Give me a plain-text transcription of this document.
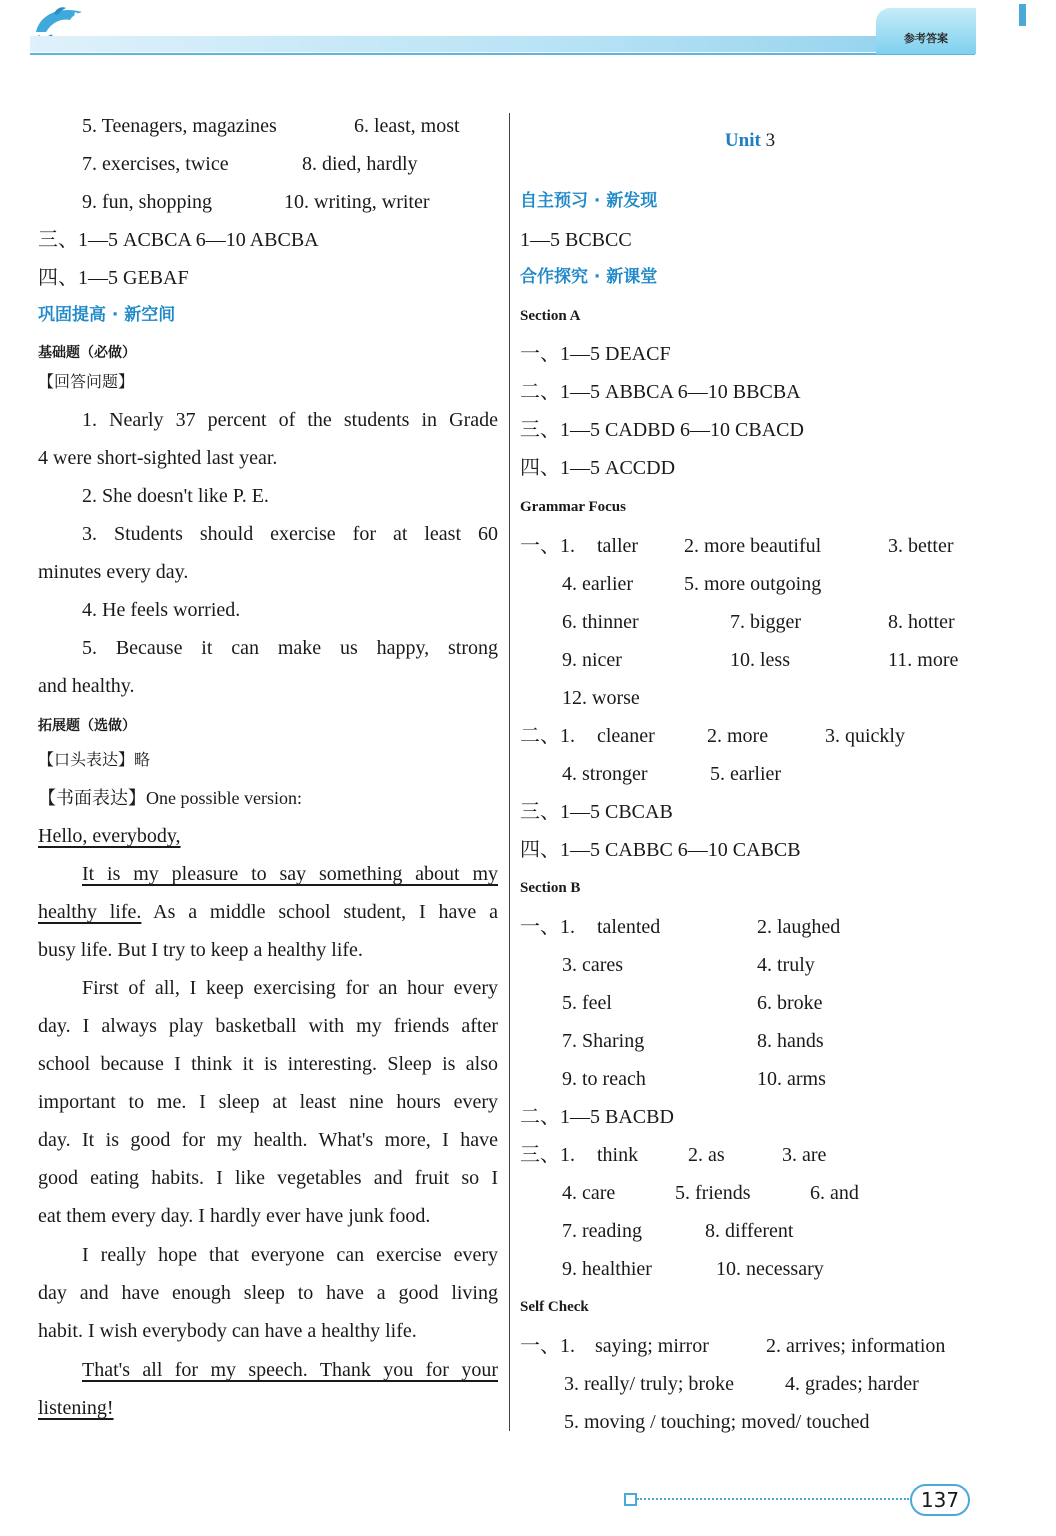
参考答案
5. Teenagers, magazines	6. least, most
7. exercises, twice	8. died, hardly
9. fun, shopping	10. writing, writer
三、1—5 ACBCA 6—10 ABCBA
四、1—5 GEBAF
巩固提高 · 新空间
基础题（必做）
【回答问题】
1. Nearly 37 percent of the students in Grade
4 were short-sighted last year.
2. She doesn't like P. E.
3. Students should exercise for at least 60
minutes every day.
4. He feels worried.
5. Because it can make us happy, strong
and healthy.
拓展题（选做）
【口头表达】略
【书面表达】One possible version:
Hello, everybody,
It is my pleasure to say something about my
healthy life. As a middle school student, I have a
busy life. But I try to keep a healthy life.
First of all, I keep exercising for an hour every
day. I always play basketball with my friends after
school because I think it is interesting. Sleep is also
important to me. I sleep at least nine hours every
day. It is good for my health. What's more, I have
good eating habits. I like vegetables and fruit so I
eat them every day. I hardly ever have junk food.
I really hope that everyone can exercise every
day and have enough sleep to have a good living
habit. I wish everybody can have a healthy life.
That's all for my speech. Thank you for your
listening!
Unit 3
自主预习 · 新发现
1—5 BCBCC
合作探究 · 新课堂
Section A
一、1—5 DEACF
二、1—5 ABBCA 6—10 BBCBA
三、1—5 CADBD 6—10 CBACD
四、1—5 ACCDD
Grammar Focus
一、1. taller 2. more beautiful	3. better
4. earlier	5. more outgoing
6. thinner	7. bigger	8. hotter
9. nicer	10. less	11. more
12. worse
二、1. cleaner	2. more	3. quickly
4. stronger	5. earlier
三、1—5 CBCAB
四、1—5 CABBC 6—10 CABCB
Section B
一、1. talented	2. laughed
3. cares	4. truly
5. feel	6. broke
7. Sharing	8. hands
9. to reach	10. arms
二、1—5 BACBD
三、1. think 2. as	3. are
4. care	5. friends	6. and
7. reading	8. different
9. healthier	10. necessary
Self Check
一、1. saying; mirror	2. arrives; information
3. really/ truly; broke	4. grades; harder
5. moving / touching; moved/ touched
137
